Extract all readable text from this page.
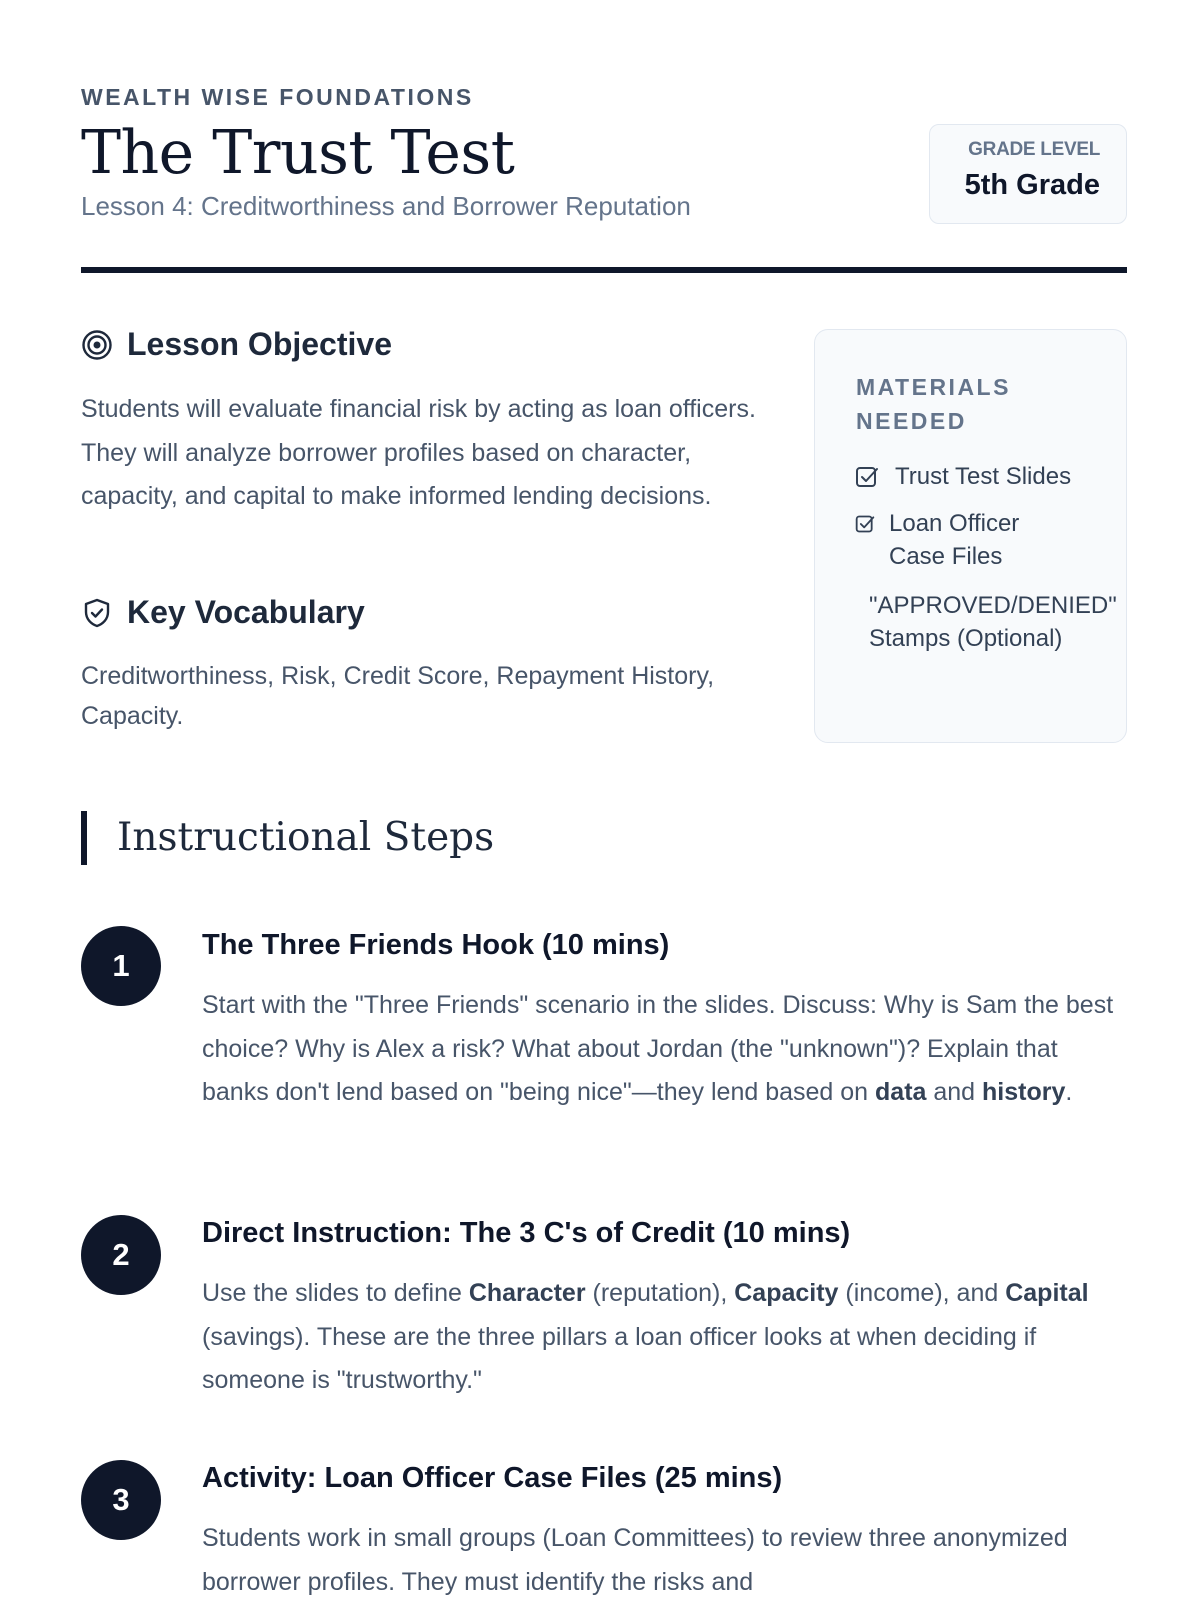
WEALTH WISE FOUNDATIONS
The Trust Test
Lesson 4: Creditworthiness and Borrower Reputation
GRADE LEVEL
5th Grade
Lesson Objective
Students will evaluate financial risk by acting as loan officers. They will analyze borrower profiles based on character, capacity, and capital to make informed lending decisions.
Key Vocabulary
Creditworthiness, Risk, Credit Score, Repayment History, Capacity.
MATERIALS NEEDED
Trust Test Slides
Loan Officer Case Files
"APPROVED/DENIED" Stamps (Optional)
Instructional Steps
1
The Three Friends Hook (10 mins)
Start with the "Three Friends" scenario in the slides. Discuss: Why is Sam the best choice? Why is Alex a risk? What about Jordan (the "unknown")? Explain that banks don't lend based on "being nice"—they lend based on data and history.
2
Direct Instruction: The 3 C's of Credit (10 mins)
Use the slides to define Character (reputation), Capacity (income), and Capital (savings). These are the three pillars a loan officer looks at when deciding if someone is "trustworthy."
3
Activity: Loan Officer Case Files (25 mins)
Students work in small groups (Loan Committees) to review three anonymized borrower profiles. They must identify the risks and
